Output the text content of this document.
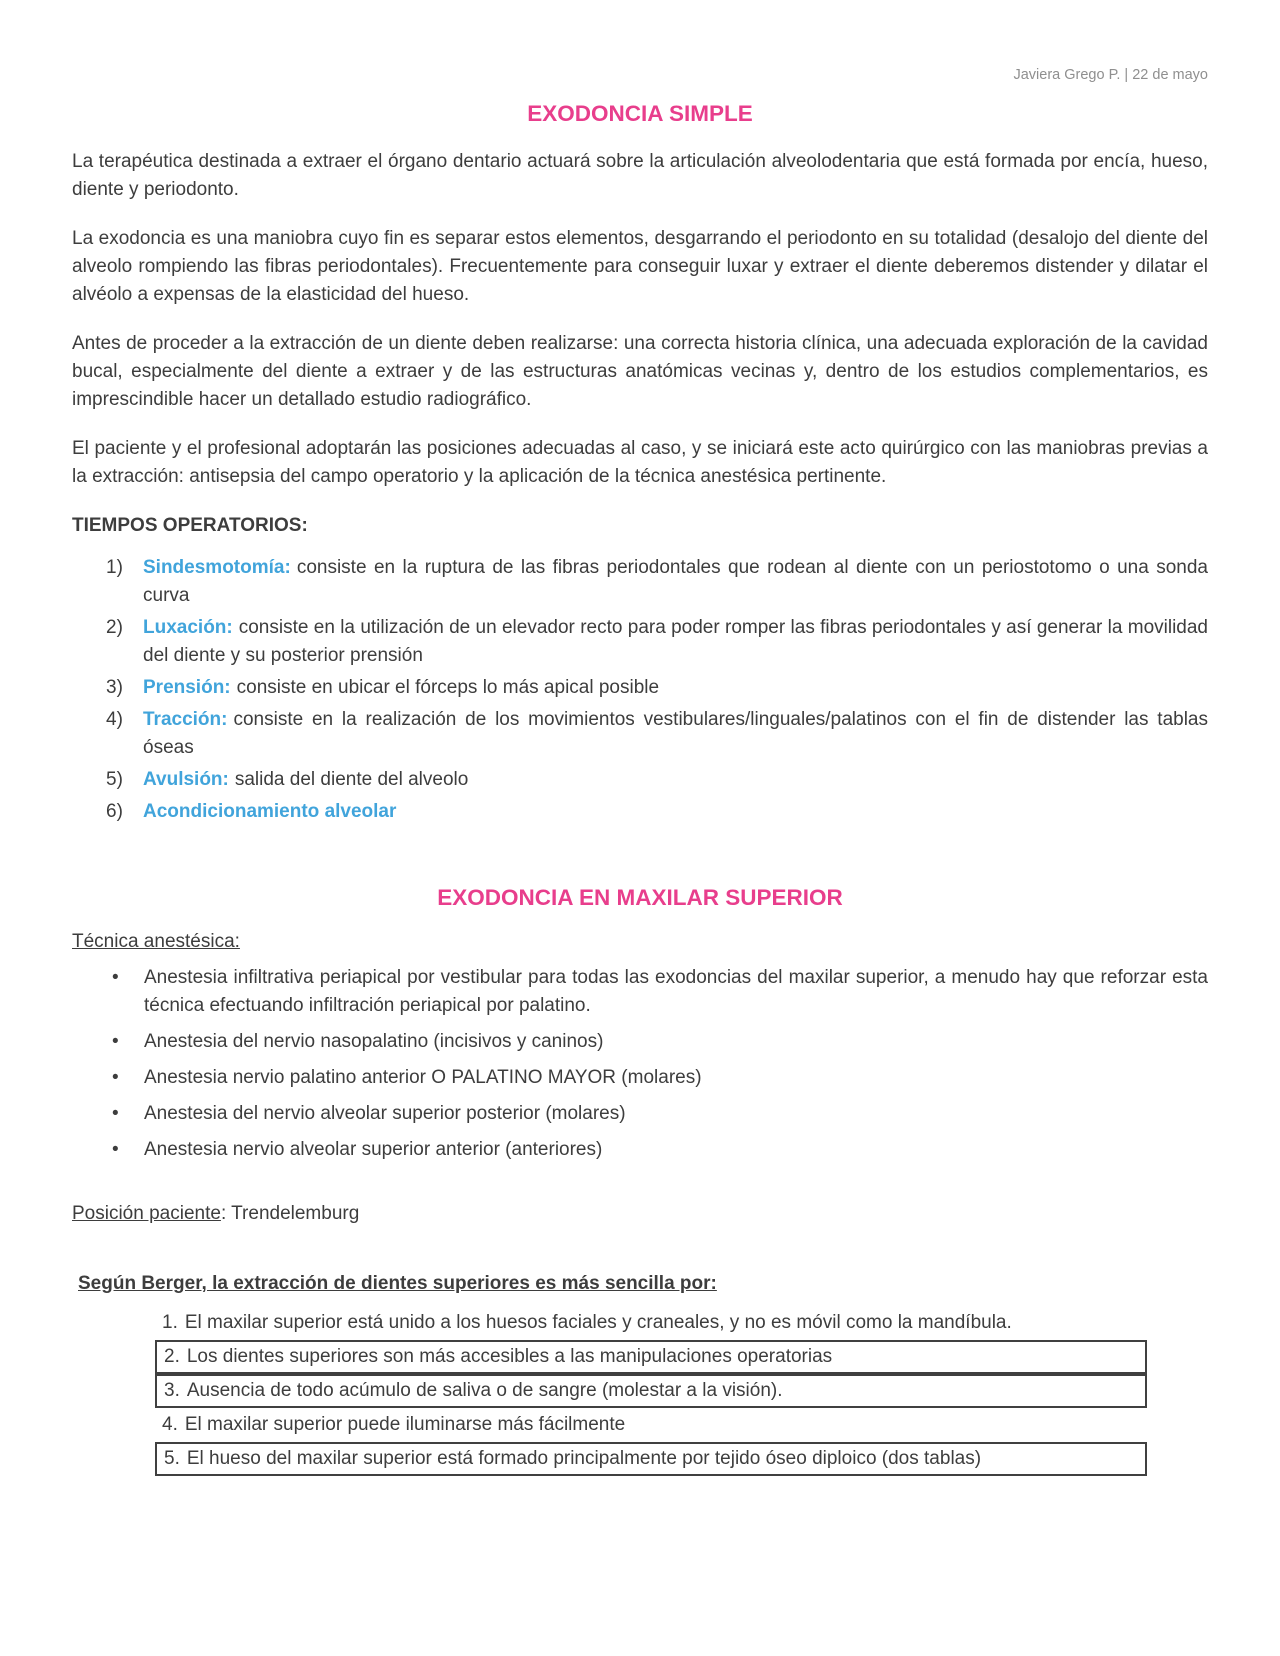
Javiera Grego P. | 22 de mayo
EXODONCIA SIMPLE

La terapéutica destinada a extraer el órgano dentario actuará sobre la articulación alveolodentaria que está formada por encía, hueso, diente y periodonto.

La exodoncia es una maniobra cuyo fin es separar estos elementos, desgarrando el periodonto en su totalidad (desalojo del diente del alveolo rompiendo las fibras periodontales). Frecuentemente para conseguir luxar y extraer el diente deberemos distender y dilatar el alvéolo a expensas de la elasticidad del hueso.

Antes de proceder a la extracción de un diente deben realizarse: una correcta historia clínica, una adecuada exploración de la cavidad bucal, especialmente del diente a extraer y de las estructuras anatómicas vecinas y, dentro de los estudios complementarios, es imprescindible hacer un detallado estudio radiográfico.

El paciente y el profesional adoptarán las posiciones adecuadas al caso, y se iniciará este acto quirúrgico con las maniobras previas a la extracción: antisepsia del campo operatorio y la aplicación de la técnica anestésica pertinente.

TIEMPOS OPERATORIOS:
1)	Sindesmotomía: consiste en la ruptura de las fibras periodontales que rodean al diente con un periostotomo o una sonda curva
2)	Luxación: consiste en la utilización de un elevador recto para poder romper las fibras periodontales y así generar la movilidad del diente y su posterior prensión
3)	Prensión: consiste en ubicar el fórceps lo más apical posible
4)	Tracción: consiste en la realización de los movimientos vestibulares/linguales/palatinos con el fin de distender las tablas óseas
5)	Avulsión: salida del diente del alveolo
6)	Acondicionamiento alveolar
EXODONCIA EN MAXILAR SUPERIOR
Técnica anestésica:
•	Anestesia infiltrativa periapical por vestibular para todas las exodoncias del maxilar superior, a menudo hay que reforzar esta técnica efectuando infiltración periapical por palatino.
•	Anestesia del nervio nasopalatino (incisivos y caninos)
•	Anestesia nervio palatino anterior O PALATINO MAYOR (molares)
•	Anestesia del nervio alveolar superior posterior (molares)
•	Anestesia nervio alveolar superior anterior (anteriores)
Posición paciente: Trendelemburg
Según Berger, la extracción de dientes superiores es más sencilla por:
1. El maxilar superior está unido a los huesos faciales y craneales, y no es móvil como la mandíbula.
2. Los dientes superiores son más accesibles a las manipulaciones operatorias
3. Ausencia de todo acúmulo de saliva o de sangre (molestar a la visión).
4. El maxilar superior puede iluminarse más fácilmente
5. El hueso del maxilar superior está formado principalmente por tejido óseo diploico (dos tablas)
